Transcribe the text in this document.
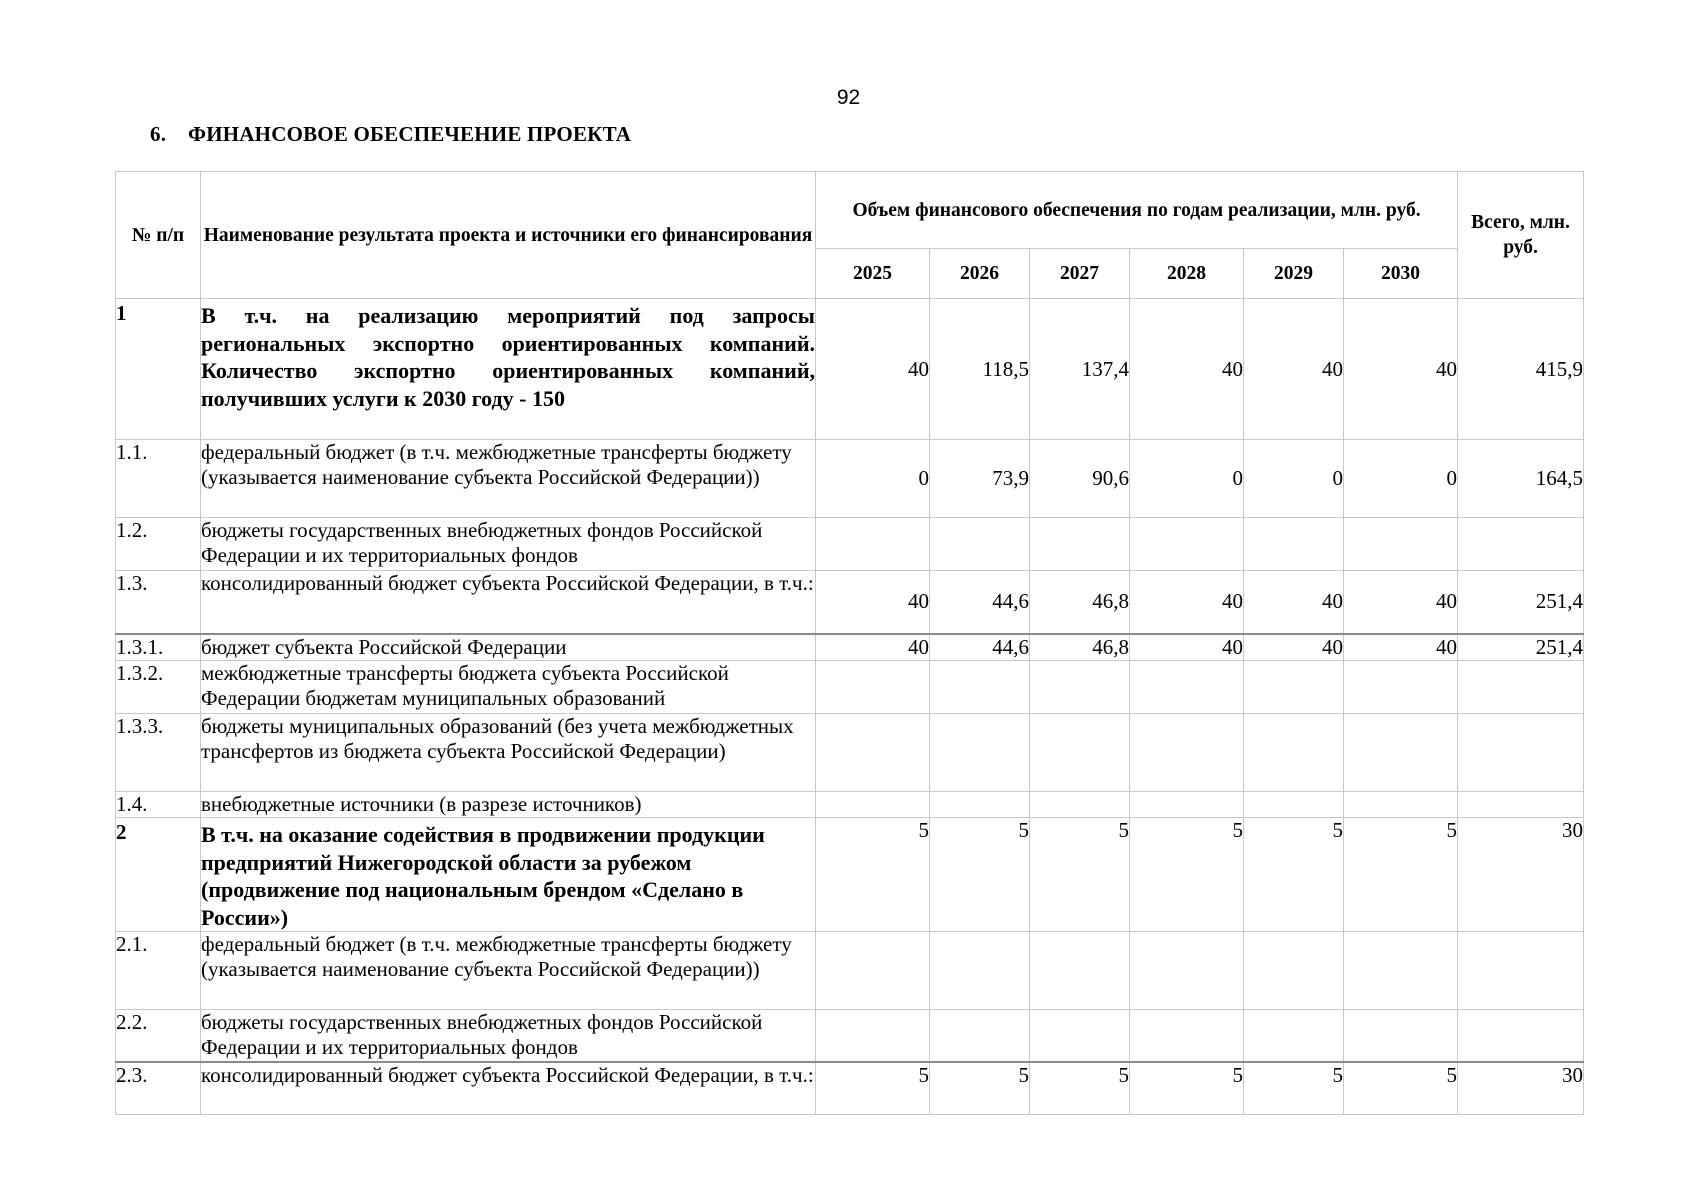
92
6. ФИНАНСОВОЕ ОБЕСПЕЧЕНИЕ ПРОЕКТА
№ п/п	Наименование результата проекта и источники его финансирования	Объем финансового обеспечения по годам реализации, млн. руб.						Всего, млн. руб.
		2025	2026	2027	2028	2029	2030	
1	В т.ч. на реализацию мероприятий под запросы региональных экспортно ориентированных компаний. Количество экспортно ориентированных компаний, получивших услуги к 2030 году - 150	40	118,5	137,4	40	40	40	415,9
1.1.	федеральный бюджет (в т.ч. межбюджетные трансферты бюджету (указывается наименование субъекта Российской Федерации))	0	73,9	90,6	0	0	0	164,5
1.2.	бюджеты государственных внебюджетных фондов Российской Федерации и их территориальных фондов							
1.3.	консолидированный бюджет субъекта Российской Федерации, в т.ч.:	40	44,6	46,8	40	40	40	251,4
1.3.1.	бюджет субъекта Российской Федерации	40	44,6	46,8	40	40	40	251,4
1.3.2.	межбюджетные трансферты бюджета субъекта Российской Федерации бюджетам муниципальных образований							
1.3.3.	бюджеты муниципальных образований (без учета межбюджетных трансфертов из бюджета субъекта Российской Федерации)							
1.4.	внебюджетные источники (в разрезе источников)							
2	В т.ч. на оказание содействия в продвижении продукции предприятий Нижегородской области за рубежом (продвижение под национальным брендом «Сделано в России»)	5	5	5	5	5	5	30
2.1.	федеральный бюджет (в т.ч. межбюджетные трансферты бюджету (указывается наименование субъекта Российской Федерации))							
2.2.	бюджеты государственных внебюджетных фондов Российской Федерации и их территориальных фондов							
2.3.	консолидированный бюджет субъекта Российской Федерации, в т.ч.:	5	5	5	5	5	5	30
